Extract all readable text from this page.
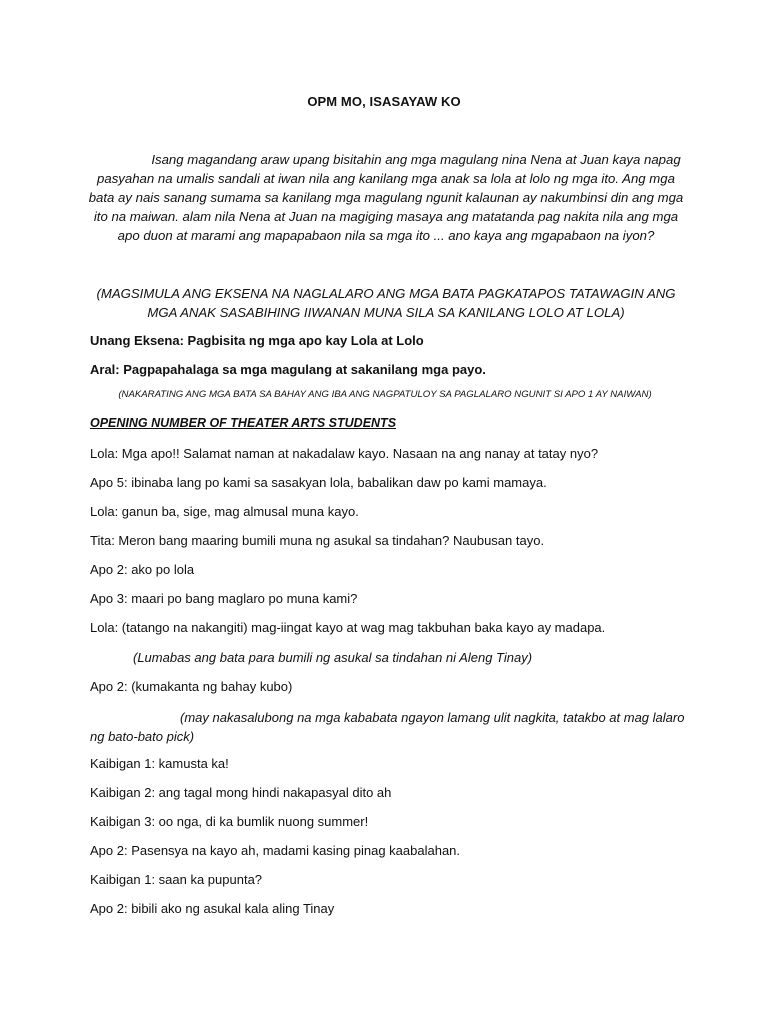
OPM MO, ISASAYAW KO
Isang magandang araw upang bisitahin ang mga magulang nina Nena at Juan kaya napag pasyahan na umalis sandali at iwan nila ang kanilang mga anak sa lola at lolo ng mga ito. Ang mga bata ay nais sanang sumama sa kanilang mga magulang ngunit kalaunan ay nakumbinsi din ang mga ito na maiwan. alam nila Nena at Juan na magiging masaya ang matatanda pag nakita nila ang mga apo duon at marami ang mapapabaon nila sa mga ito ... ano kaya ang mgapabaon na iyon?
(MAGSIMULA ANG EKSENA NA NAGLALARO ANG MGA BATA PAGKATAPOS TATAWAGIN ANG MGA ANAK SASABIHING IIWANAN MUNA SILA SA KANILANG LOLO AT LOLA)
Unang Eksena: Pagbisita ng mga apo kay Lola at Lolo
Aral: Pagpapahalaga sa mga magulang at sakanilang mga payo.
(NAKARATING ANG MGA BATA SA BAHAY ANG IBA ANG NAGPATULOY SA PAGLALARO NGUNIT SI APO 1 AY NAIWAN)
OPENING NUMBER OF THEATER ARTS STUDENTS
Lola: Mga apo!! Salamat naman at nakadalaw kayo. Nasaan na ang nanay at tatay nyo?
Apo 5: ibinaba lang po kami sa sasakyan lola, babalikan daw po kami mamaya.
Lola: ganun ba, sige, mag almusal muna kayo.
Tita: Meron bang maaring bumili muna ng asukal sa tindahan? Naubusan tayo.
Apo 2: ako po lola
Apo 3: maari po bang maglaro po muna kami?
Lola: (tatango na nakangiti) mag-iingat kayo at wag mag takbuhan baka kayo ay madapa.
(Lumabas ang bata para bumili ng asukal sa tindahan ni Aleng Tinay)
Apo 2: (kumakanta ng bahay kubo)
(may nakasalubong na mga kababata ngayon lamang ulit nagkita, tatakbo at mag lalaro ng bato-bato pick)
Kaibigan 1: kamusta ka!
Kaibigan 2: ang tagal mong hindi nakapasyal dito ah
Kaibigan 3: oo nga, di ka bumlik nuong summer!
Apo 2: Pasensya na kayo ah, madami kasing pinag kaabalahan.
Kaibigan 1: saan ka pupunta?
Apo 2: bibili ako ng asukal kala aling Tinay
